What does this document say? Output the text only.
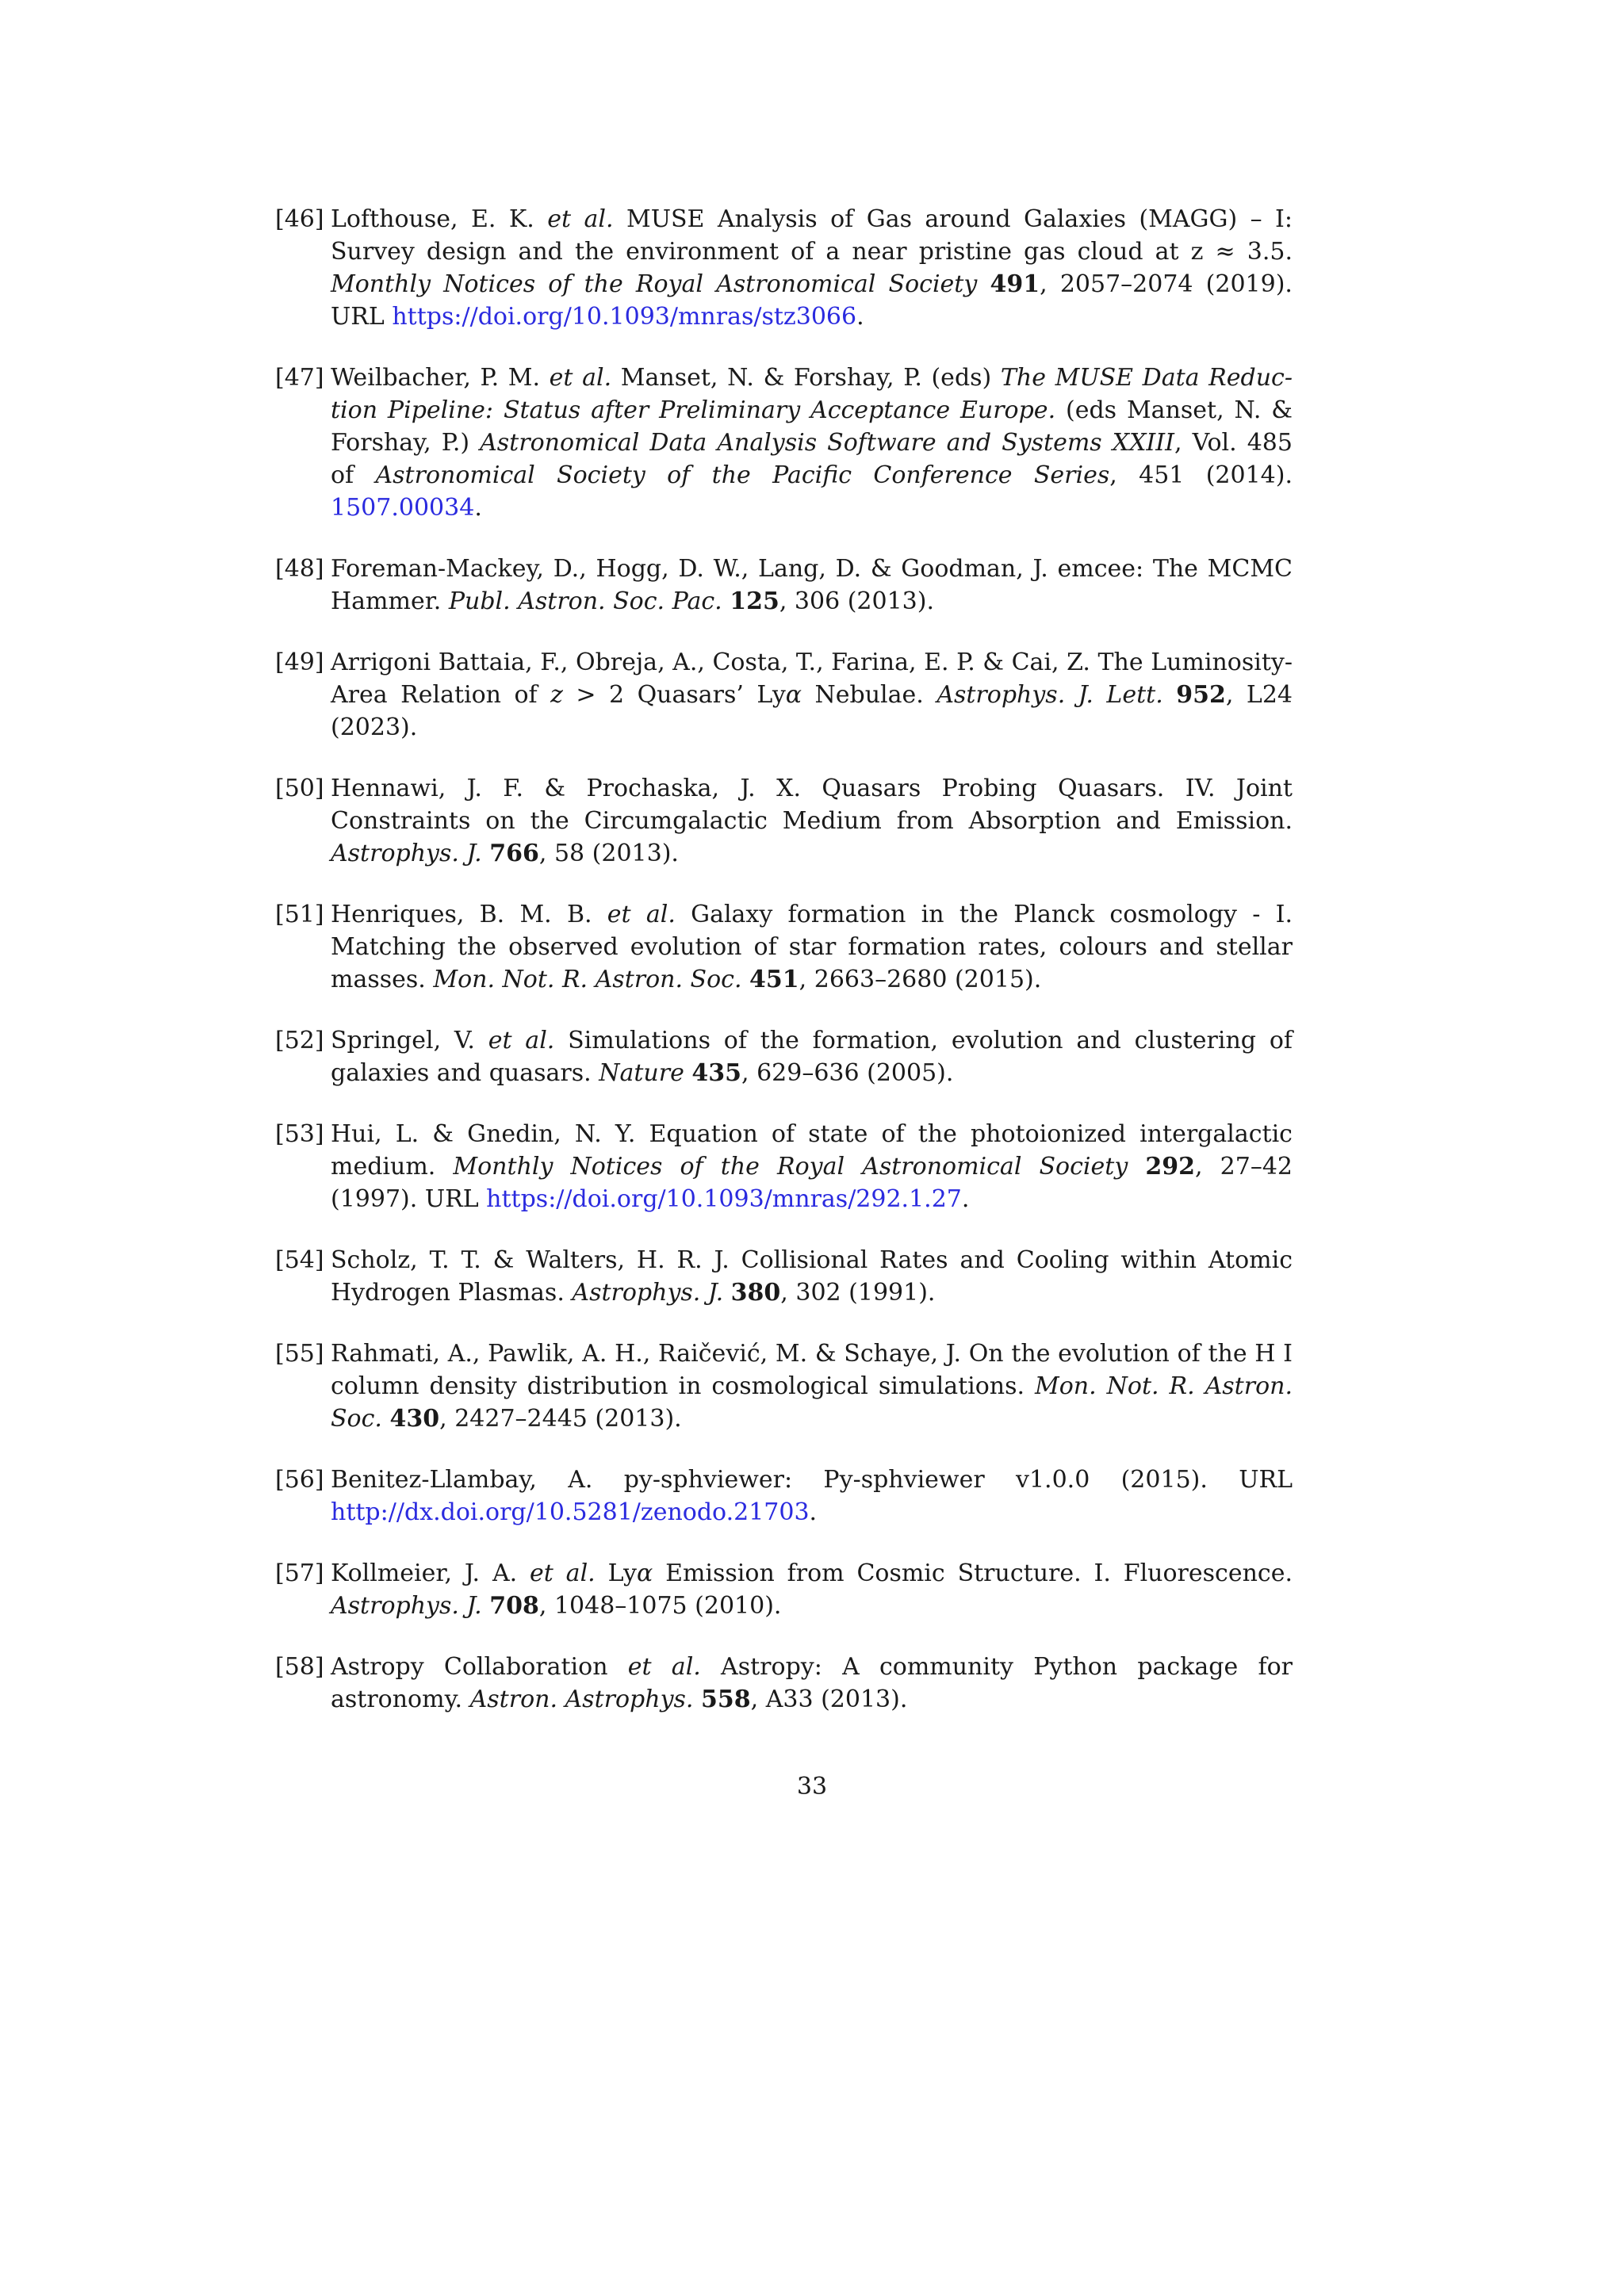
[46] Lofthouse, E. K. et al. MUSE Analysis of Gas around Galaxies (MAGG) – I: Survey design and the environment of a near pristine gas cloud at z ≈ 3.5. Monthly Notices of the Royal Astronomical Society 491, 2057–2074 (2019). URL https://doi.org/10.1093/mnras/stz3066.
[47] Weilbacher, P. M. et al. Manset, N. & Forshay, P. (eds) The MUSE Data Reduction Pipeline: Status after Preliminary Acceptance Europe. (eds Manset, N. & Forshay, P.) Astronomical Data Analysis Software and Systems XXIII, Vol. 485 of Astronomical Society of the Pacific Conference Series, 451 (2014). 1507.00034.
[48] Foreman-Mackey, D., Hogg, D. W., Lang, D. & Goodman, J. emcee: The MCMC Hammer. Publ. Astron. Soc. Pac. 125, 306 (2013).
[49] Arrigoni Battaia, F., Obreja, A., Costa, T., Farina, E. P. & Cai, Z. The Luminosity-Area Relation of z > 2 Quasars’ Lyα Nebulae. Astrophys. J. Lett. 952, L24 (2023).
[50] Hennawi, J. F. & Prochaska, J. X. Quasars Probing Quasars. IV. Joint Constraints on the Circumgalactic Medium from Absorption and Emission. Astrophys. J. 766, 58 (2013).
[51] Henriques, B. M. B. et al. Galaxy formation in the Planck cosmology - I. Matching the observed evolution of star formation rates, colours and stellar masses. Mon. Not. R. Astron. Soc. 451, 2663–2680 (2015).
[52] Springel, V. et al. Simulations of the formation, evolution and clustering of galaxies and quasars. Nature 435, 629–636 (2005).
[53] Hui, L. & Gnedin, N. Y. Equation of state of the photoionized intergalactic medium. Monthly Notices of the Royal Astronomical Society 292, 27–42 (1997). URL https://doi.org/10.1093/mnras/292.1.27.
[54] Scholz, T. T. & Walters, H. R. J. Collisional Rates and Cooling within Atomic Hydrogen Plasmas. Astrophys. J. 380, 302 (1991).
[55] Rahmati, A., Pawlik, A. H., Raičević, M. & Schaye, J. On the evolution of the H I column density distribution in cosmological simulations. Mon. Not. R. Astron. Soc. 430, 2427–2445 (2013).
[56] Benitez-Llambay, A. py-sphviewer: Py-sphviewer v1.0.0 (2015). URL http://dx.doi.org/10.5281/zenodo.21703.
[57] Kollmeier, J. A. et al. Lyα Emission from Cosmic Structure. I. Fluorescence. Astrophys. J. 708, 1048–1075 (2010).
[58] Astropy Collaboration et al. Astropy: A community Python package for astronomy. Astron. Astrophys. 558, A33 (2013).
33
